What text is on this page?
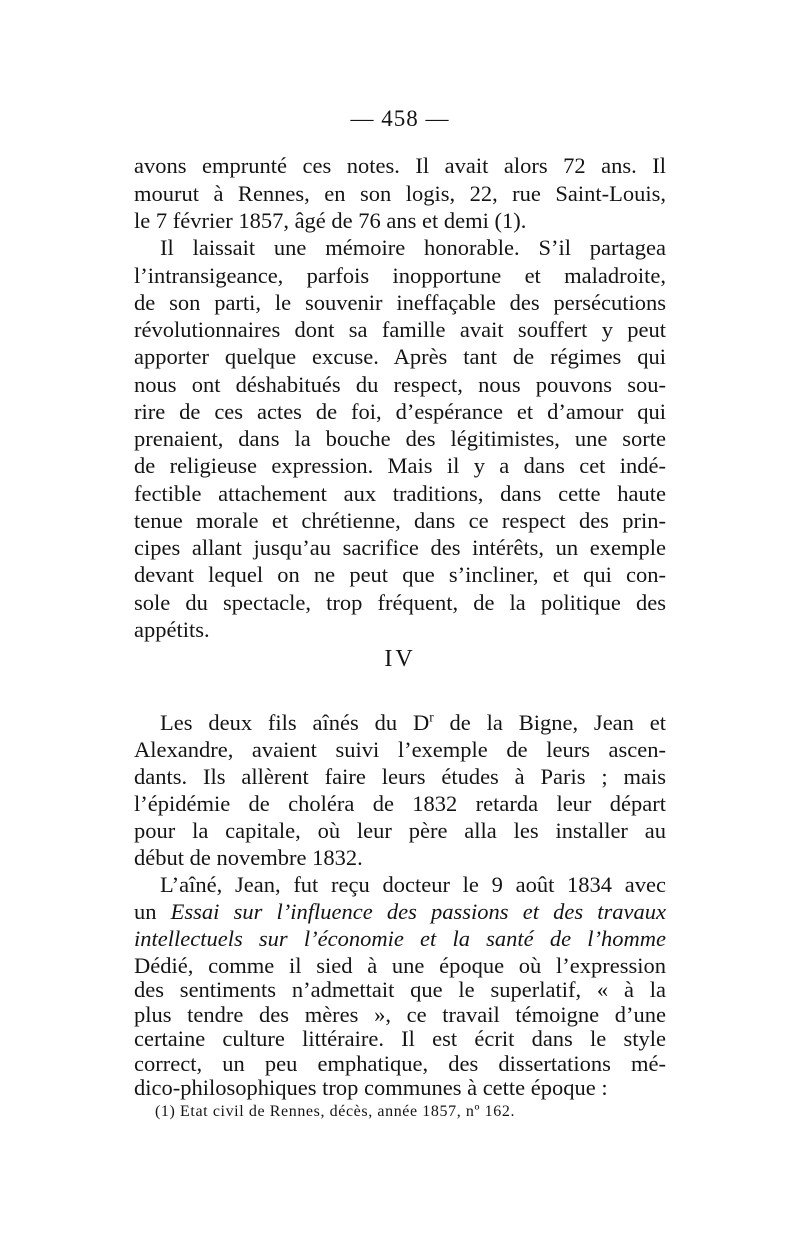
— 458 —
avons emprunté ces notes. Il avait alors 72 ans. Il
mourut à Rennes, en son logis, 22, rue Saint-Louis,
le 7 février 1857, âgé de 76 ans et demi (1).
Il laissait une mémoire honorable. S’il partagea
l’intransigeance, parfois inopportune et maladroite,
de son parti, le souvenir ineffaçable des persécutions
révolutionnaires dont sa famille avait souffert y peut
apporter quelque excuse. Après tant de régimes qui
nous ont déshabitués du respect, nous pouvons sou-
rire de ces actes de foi, d’espérance et d’amour qui
prenaient, dans la bouche des légitimistes, une sorte
de religieuse expression. Mais il y a dans cet indé-
fectible attachement aux traditions, dans cette haute
tenue morale et chrétienne, dans ce respect des prin-
cipes allant jusqu’au sacrifice des intérêts, un exemple
devant lequel on ne peut que s’incliner, et qui con-
sole du spectacle, trop fréquent, de la politique des
appétits.
IV
Les deux fils aînés du $D^r$ de la Bigne, Jean et
Alexandre, avaient suivi l’exemple de leurs ascen-
dants. Ils allèrent faire leurs études à Paris ; mais
l’épidémie de choléra de 1832 retarda leur départ
pour la capitale, où leur père alla les installer au
début de novembre 1832.
L’aîné, Jean, fut reçu docteur le 9 août 1834 avec
un Essai sur l’influence des passions et des travaux
intellectuels sur l’économie et la santé de l’homme
Dédié, comme il sied à une époque où l’expression
des sentiments n’admettait que le superlatif, « à la
plus tendre des mères », ce travail témoigne d’une
certaine culture littéraire. Il est écrit dans le style
correct, un peu emphatique, des dissertations mé-
dico-philosophiques trop communes à cette époque :
(1) Etat civil de Rennes, décès, année 1857, nº 162.
